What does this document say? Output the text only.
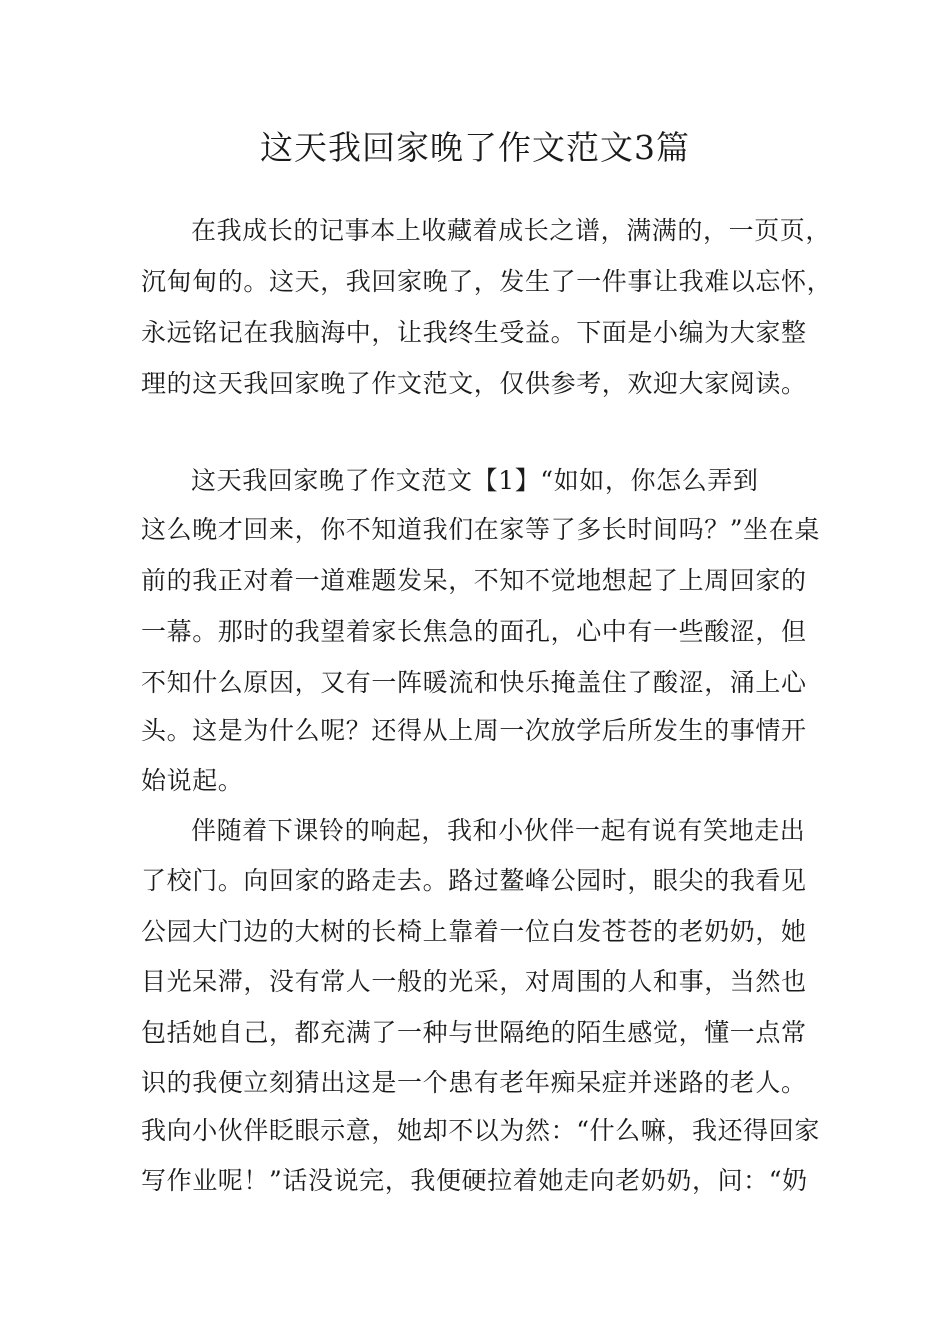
这天我回家晚了作文范文3篇
在我成长的记事本上收藏着成长之谱，满满的，一页页，
沉甸甸的。这天，我回家晚了，发生了一件事让我难以忘怀，
永远铭记在我脑海中，让我终生受益。下面是小编为大家整
理的这天我回家晚了作文范文，仅供参考，欢迎大家阅读。
这天我回家晚了作文范文【1】“如如，你怎么弄到
这么晚才回来，你不知道我们在家等了多长时间吗？”坐在桌
前的我正对着一道难题发呆，不知不觉地想起了上周回家的
一幕。那时的我望着家长焦急的面孔，心中有一些酸涩，但
不知什么原因，又有一阵暖流和快乐掩盖住了酸涩，涌上心
头。这是为什么呢？还得从上周一次放学后所发生的事情开
始说起。
伴随着下课铃的响起，我和小伙伴一起有说有笑地走出
了校门。向回家的路走去。路过鳌峰公园时，眼尖的我看见
公园大门边的大树的长椅上靠着一位白发苍苍的老奶奶，她
目光呆滞，没有常人一般的光采，对周围的人和事，当然也
包括她自己，都充满了一种与世隔绝的陌生感觉，懂一点常
识的我便立刻猜出这是一个患有老年痴呆症并迷路的老人。
我向小伙伴眨眼示意，她却不以为然：“什么嘛，我还得回家
写作业呢！”话没说完，我便硬拉着她走向老奶奶，问：“奶
